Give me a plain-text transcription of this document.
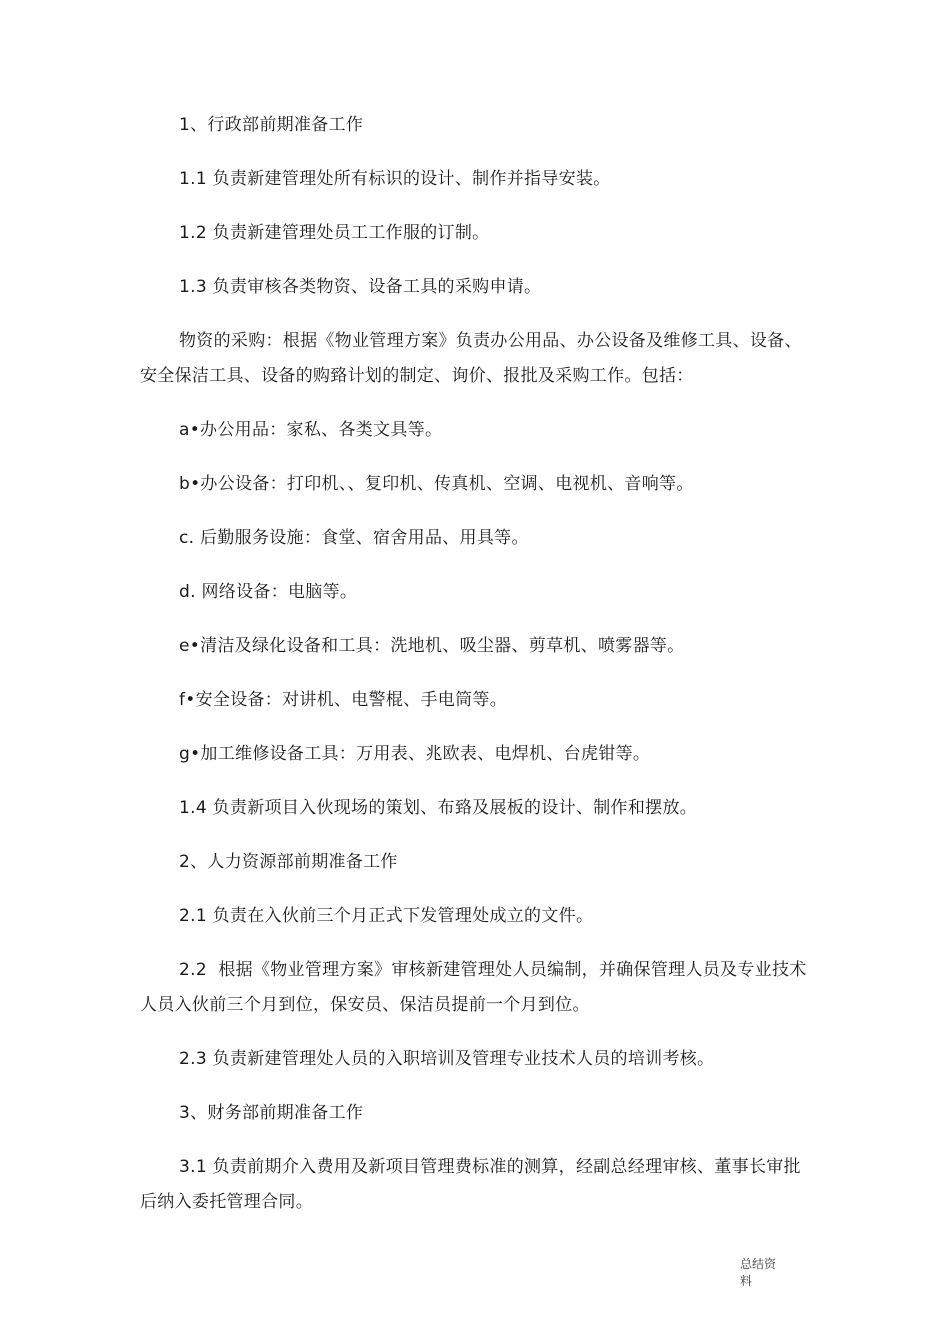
1、行政部前期准备工作

1.1 负责新建管理处所有标识的设计、制作并指导安装。

1.2 负责新建管理处员工工作服的订制。

1.3 负责审核各类物资、设备工具的采购申请。

物资的采购：根据《物业管理方案》负责办公用品、办公设备及维修工具、设备、安全保洁工具、设备的购臵计划的制定、询价、报批及采购工作。包括：

a•办公用品：家私、各类文具等。

b•办公设备：打印机、、复印机、传真机、空调、电视机、音响等。

c. 后勤服务设施：食堂、宿舍用品、用具等。

d. 网络设备：电脑等。

e•清洁及绿化设备和工具：洗地机、吸尘器、剪草机、喷雾器等。

f•安全设备：对讲机、电警棍、手电筒等。

g•加工维修设备工具：万用表、兆欧表、电焊机、台虎钳等。

1.4 负责新项目入伙现场的策划、布臵及展板的设计、制作和摆放。

2、人力资源部前期准备工作

2.1 负责在入伙前三个月正式下发管理处成立的文件。

2.2  根据《物业管理方案》审核新建管理处人员编制，并确保管理人员及专业技术人员入伙前三个月到位，保安员、保洁员提前一个月到位。

2.3 负责新建管理处人员的入职培训及管理专业技术人员的培训考核。

3、财务部前期准备工作

3.1 负责前期介入费用及新项目管理费标准的测算，经副总经理审核、董事长审批后纳入委托管理合同。

总结资料
